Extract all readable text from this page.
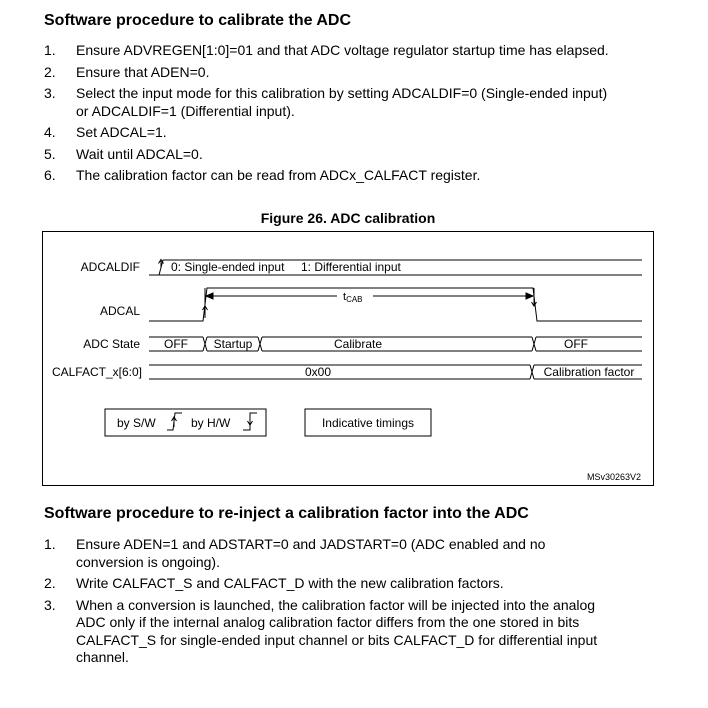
Software procedure to calibrate the ADC
1. Ensure ADVREGEN[1:0]=01 and that ADC voltage regulator startup time has elapsed.
2. Ensure that ADEN=0.
3. Select the input mode for this calibration by setting ADCALDIF=0 (Single-ended input)
or ADCALDIF=1 (Differential input).
4. Set ADCAL=1.
5. Wait until ADCAL=0.
6. The calibration factor can be read from ADCx_CALFACT register.
Figure 26. ADC calibration
ADCALDIF	0: Single-ended input 1: Differential input
ADCAL
tCAB
ADC State OFF Startup	Calibrate	OFF
CALFACT_x[6:0]	0x00	Calibration factor
by S/W	by H/W	Indicative timings
MSv30263V2
Software procedure to re-inject a calibration factor into the ADC
1. Ensure ADEN=1 and ADSTART=0 and JADSTART=0 (ADC enabled and no
conversion is ongoing).
2. Write CALFACT_S and CALFACT_D with the new calibration factors.
3. When a conversion is launched, the calibration factor will be injected into the analog
ADC only if the internal analog calibration factor differs from the one stored in bits
CALFACT_S for single-ended input channel or bits CALFACT_D for differential input
channel.
